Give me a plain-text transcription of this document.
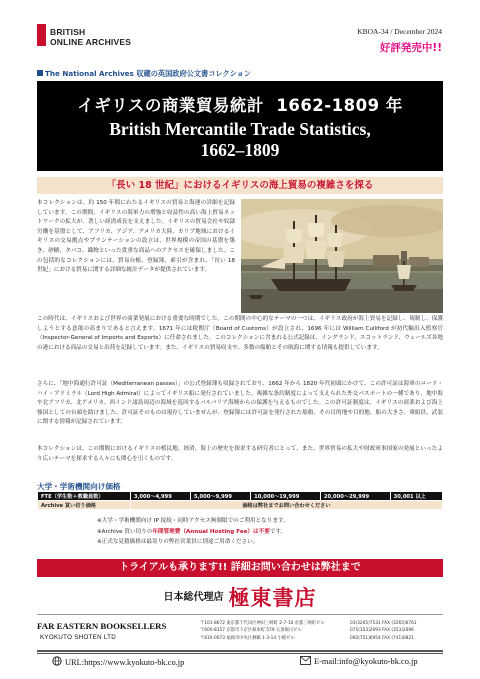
BRITISH
ONLINE ARCHIVES
KBOA-34 / December 2024
好評発売中!!
The National Archives 収蔵の英国政府公文書コレクション
イギリスの商業貿易統計 1662-1809 年
British Mercantile Trade Statistics,
1662–1809
「長い 18 世紀」におけるイギリスの海上貿易の複雑さを探る
本コレクションは、約 150 年間にわたるイギリスの貿易と海運の詳細を記録しています。この期間、イギリスの海軍力の増強と収益性の高い海上貿易ネットワークの拡大が、著しい経済成長を支えました。イギリスの貿易会社や奴隷労働を基盤として、アフリカ、アジア、アメリカ大陸、カリブ地域におけるイギリスの交易拠点やプランテーションの設立は、世界規模の帝国の基盤を築き、砂糖、タバコ、織物といった貴重な商品へのアクセスを確保しました。この包括的なコレクションには、貿易台帳、登録簿、索引が含まれ、「長い 18 世紀」における貿易に関する詳細な統計データが提供されています。
この時代は、イギリスおよび世界の商業発展における重要な時期でした。この期間の中心的なテーマの一つは、イギリス政府が海上貿易を記録し、規制し、保護しようとする意欲の高まりであると言えます。1671 年には税関庁（Board of Customs）が設立され、1696 年には William Culliford が初代輸出入監察官（Inspector-General of Imports and Exports）に任命されました。このコレクションに含まれる公式記録は、イングランド、スコットランド、ウェールズ各地の港における商品の交易と出荷を記録しています。また、イギリスの貿易収支や、多数の船舶とその航海に関する情報も提供しています。
さらに、「地中海通行許可証（Mediterranean passes）」の公式登録簿も収録されており、1662 年から 1820 年代初頭にかけて、この許可証は海軍のロード・ハイ・アドミラル（Lord High Admiral）によってイギリス船に発行されていました。複雑な条約制度によって支えられた外交パスポートの一種であり、地中海や北アフリカ、北アメリカ、西インド諸島周辺の海域を巡回するバルバリア海賊からの保護を与えるものでした。この許可証制度は、イギリスの商業および海上強国としての台頭を助けました。許可証そのものは現存していませんが、登録簿には許可証を発行された船舶、その目的地や目的地、船の大きさ、乗組員、武装に関する情報が記録されています。
本コレクションは、この期間におけるイギリスの植民地、経済、海上の歴史を探求する研究者にとって、また、世界貿易の拡大や財政軍事国家の発展といったより広いテーマを探求する人々にも関心を引くものです。
大学・学術機関向け価格
FTE（学生数＋教職員数）	3,000～4,999	5,000～9,999	10,000～19,999	20,000～29,999	30,001 以上
Archive 買い切り価格	価格は弊社までお問い合わせください				
※大学・学術機関向け IP 接続・同時アクセス無制限でのご利用となります。
※Archive 買い切りの年間管理費（Annual Hosting Fee）は不要です。
※正式な見積価格は最寄りの弊社営業員に別途ご用命ください。
トライアルも承ります!! 詳細お問い合わせは弊社まで
$^{日本総代理店}$ 極東書店
FAR EASTERN BOOKSELLERS
KYOKUTO SHOTEN LTD
〒101-8672 東京都千代田区神田三崎町 2-7-10 帝都三崎町ビル
〒600-8357 京都市下京区柿本町 579 五条堀川ビル
〒810-0073 福岡市中央区舞鶴 1-3-14 小榎ビル
03(3265)7531 FAX (3265)6761
075(353)2093 FAX (353)2096
092(751)6954 FAX (741)0821
URL:https://www.kyokuto-bk.co.jp	E-mail:info@kyokuto-bk.co.jp
